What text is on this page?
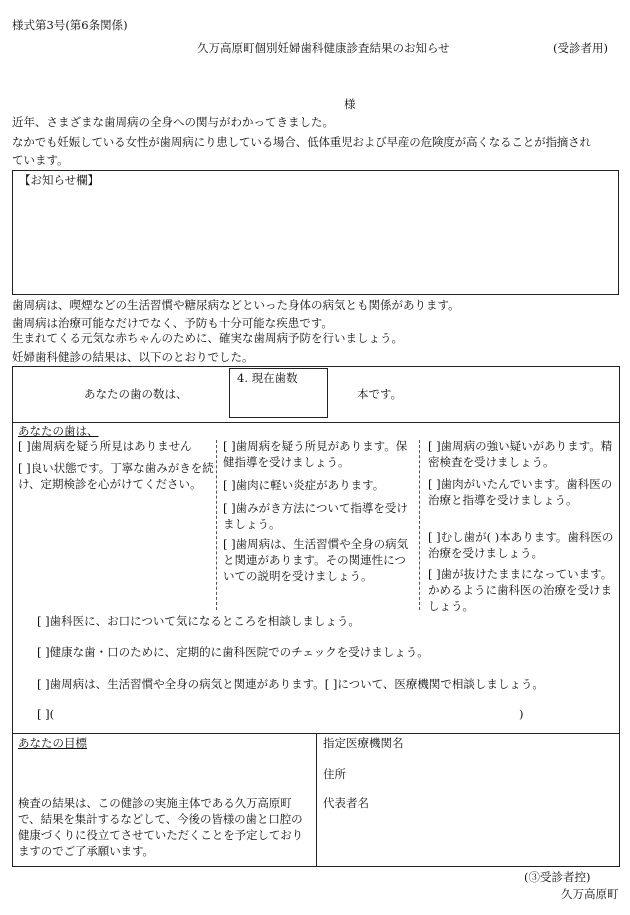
様式第3号(第6条関係)
久万高原町個別妊婦歯科健康診査結果のお知らせ	(受診者用)
様
近年、さまざまな歯周病の全身への関与がわかってきました。
なかでも妊娠している女性が歯周病にり患している場合、低体重児および早産の危険度が高くなることが指摘され
ています。
【お知らせ欄】
歯周病は、喫煙などの生活習慣や糖尿病などといった身体の病気とも関係があります。
歯周病は治療可能なだけでなく、予防も十分可能な疾患です。
生まれてくる元気な赤ちゃんのために、確実な歯周病予防を行いましょう。
妊婦歯科健診の結果は、以下のとおりでした。
あなたの歯の数は、
4. 現在歯数
本です。
あなたの歯は、
[ ]歯周病を疑う所見はありません
[ ]良い状態です。丁寧な歯みがきを続け、定期検診を心がけてください。
[ ]歯周病を疑う所見があります。保健指導を受けましょう。
[ ]歯肉に軽い炎症があります。
[ ]歯みがき方法について指導を受けましょう。
[ ]歯周病は、生活習慣や全身の病気と関連があります。その関連性についての説明を受けましょう。
[ ]歯周病の強い疑いがあります。精密検査を受けましょう。
[ ]歯肉がいたんでいます。歯科医の治療と指導を受けましょう。
[ ]むし歯が( )本あります。歯科医の治療を受けましょう。
[ ]歯が抜けたままになっています。かめるように歯科医の治療を受けましょう。
[ ]歯科医に、お口について気になるところを相談しましょう。
[ ]健康な歯・口のために、定期的に歯科医院でのチェックを受けましょう。
[ ]歯周病は、生活習慣や全身の病気と関連があります。[ ]について、医療機関で相談しましょう。
[ ](	)
あなたの目標
検査の結果は、この健診の実施主体である久万高原町で、結果を集計するなどして、今後の皆様の歯と口腔の健康づくりに役立てさせていただくことを予定しておりますのでご了承願います。
指定医療機関名
住所
代表者名
(③受診者控)
久万高原町
